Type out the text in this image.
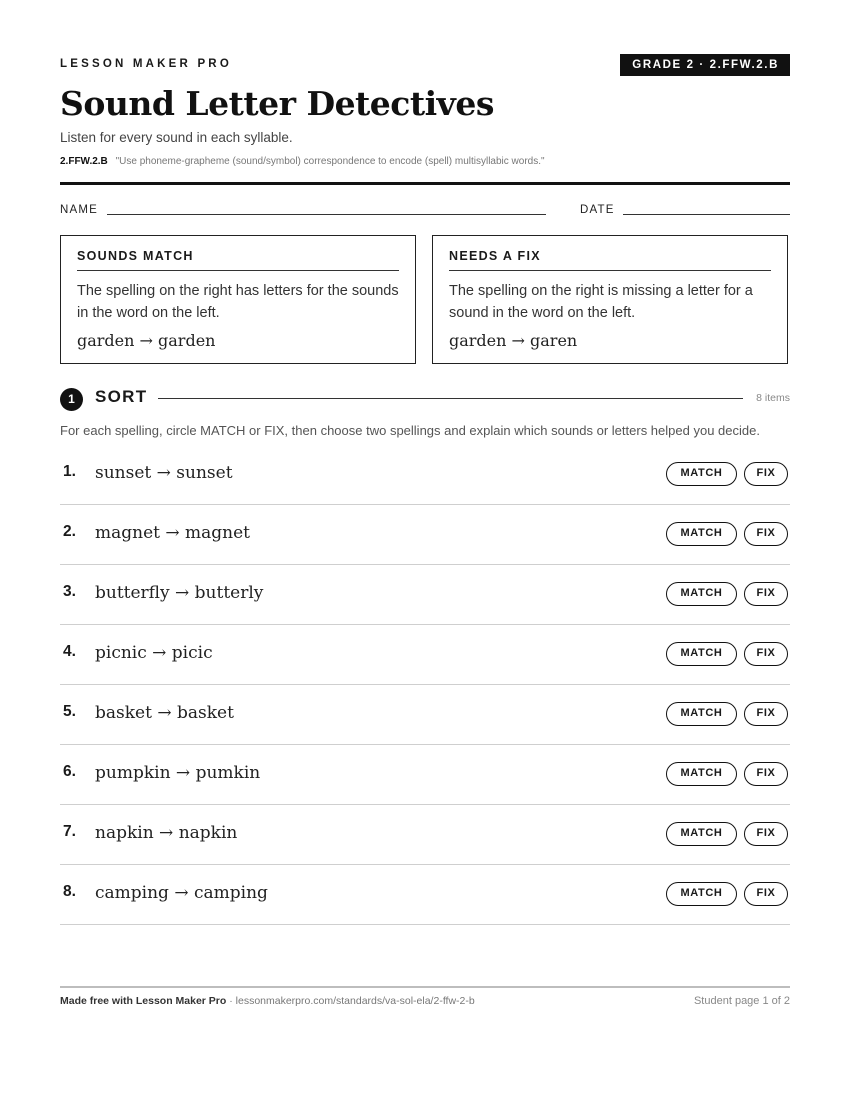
LESSON MAKER PRO	GRADE 2 · 2.FFW.2.B
Sound Letter Detectives
Listen for every sound in each syllable.
2.FFW.2.B "Use phoneme-grapheme (sound/symbol) correspondence to encode (spell) multisyllabic words."
NAME	DATE
SOUNDS MATCH
The spelling on the right has letters for the sounds in the word on the left.
garden → garden
NEEDS A FIX
The spelling on the right is missing a letter for a sound in the word on the left.
garden → garen
1	SORT	8 items
For each spelling, circle MATCH or FIX, then choose two spellings and explain which sounds or letters helped you decide.
1. sunset → sunset	MATCH	FIX
2. magnet → magnet	MATCH	FIX
3. butterfly → butterly	MATCH	FIX
4. picnic → picic	MATCH	FIX
5. basket → basket	MATCH	FIX
6. pumpkin → pumkin	MATCH	FIX
7. napkin → napkin	MATCH	FIX
8. camping → camping	MATCH	FIX
Made free with Lesson Maker Pro · lessonmakerpro.com/standards/va-sol-ela/2-ffw-2-b	Student page 1 of 2
